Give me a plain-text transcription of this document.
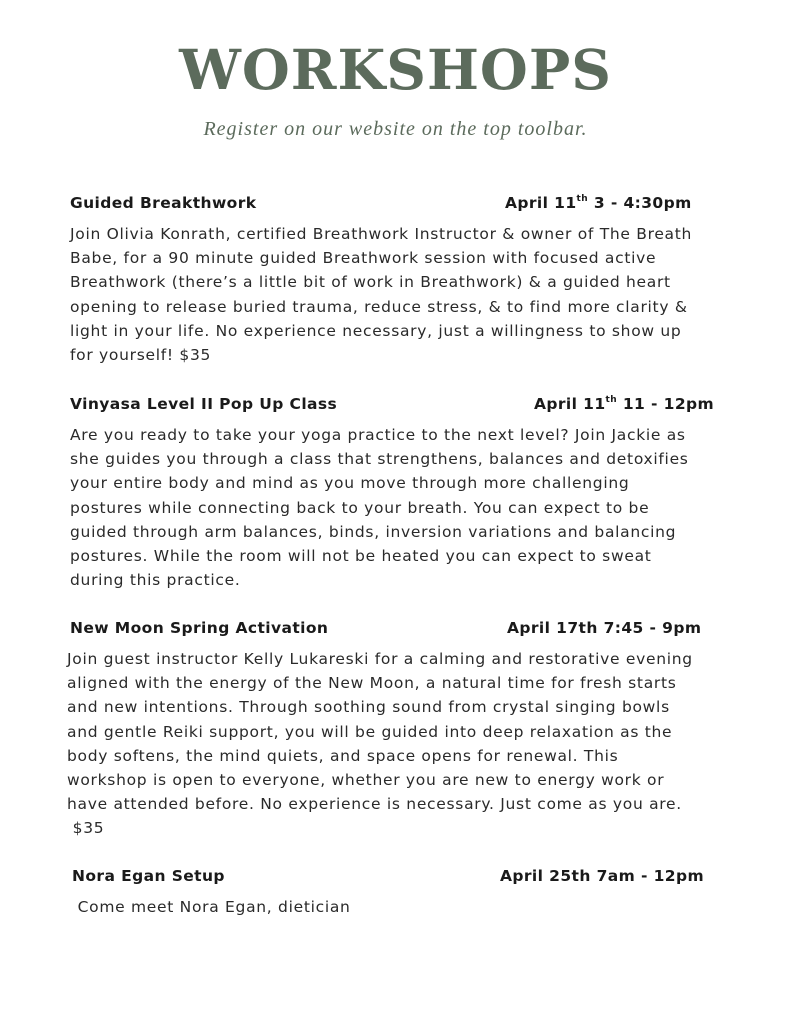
WORKSHOPS
Register on our website on the top toolbar.
Guided Breakthwork	April 11th 3 - 4:30pm
Join Olivia Konrath, certified Breathwork Instructor & owner of The Breath
Babe, for a 90 minute guided Breathwork session with focused active
Breathwork (there’s a little bit of work in Breathwork) & a guided heart
opening to release buried trauma, reduce stress, & to find more clarity &
light in your life. No experience necessary, just a willingness to show up
for yourself! $35
Vinyasa Level II Pop Up Class	April 11th 11 - 12pm
Are you ready to take your yoga practice to the next level? Join Jackie as
she guides you through a class that strengthens, balances and detoxifies
your entire body and mind as you move through more challenging
postures while connecting back to your breath. You can expect to be
guided through arm balances, binds, inversion variations and balancing
postures. While the room will not be heated you can expect to sweat
during this practice.
New Moon Spring Activation	April 17th 7:45 - 9pm
Join guest instructor Kelly Lukareski for a calming and restorative evening
aligned with the energy of the New Moon, a natural time for fresh starts
and new intentions. Through soothing sound from crystal singing bowls
and gentle Reiki support, you will be guided into deep relaxation as the
body softens, the mind quiets, and space opens for renewal. This
workshop is open to everyone, whether you are new to energy work or
have attended before. No experience is necessary. Just come as you are.
$35
Nora Egan Setup	April 25th 7am - 12pm
Come meet Nora Egan, dietician
